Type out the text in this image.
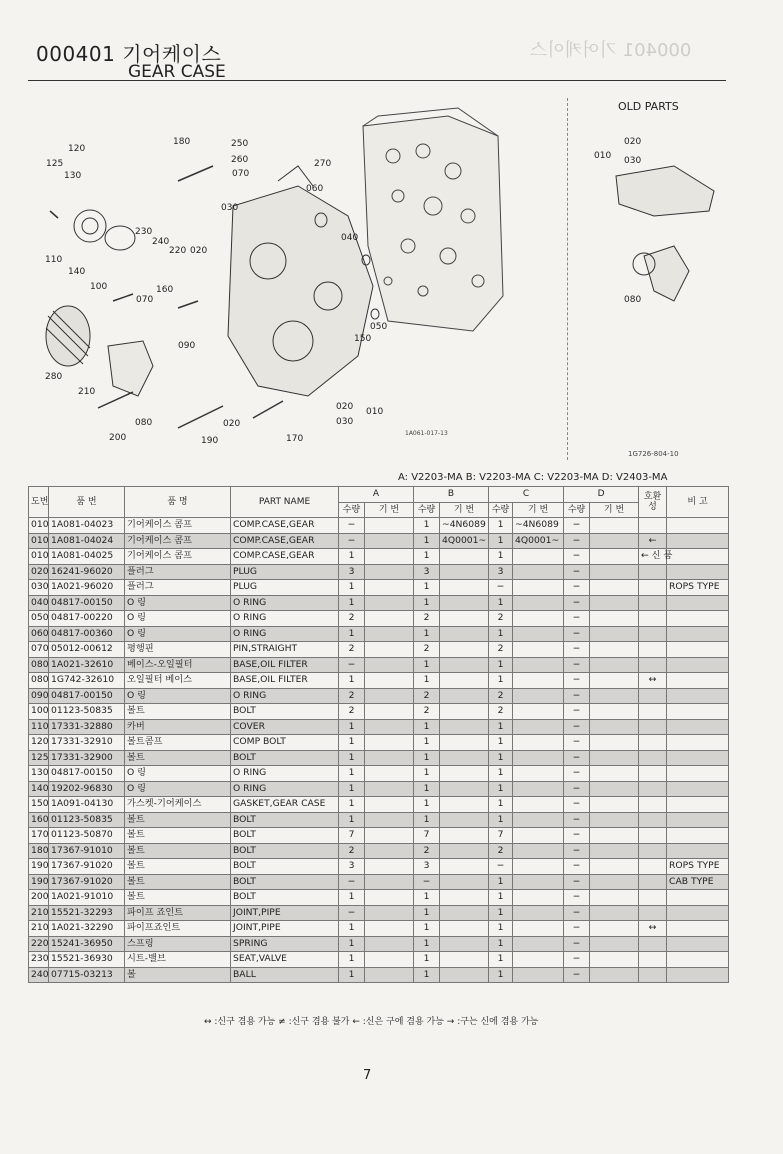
000401 기어케이스
000401 기어케이스
GEAR CASE
120
125
130
180	250
260	270
070
060
030
110
140
230
240
220 020
100
070
160
090
040
050
150
280
210
080
200	190
020
170
020 010
030
1A061-017-13
OLD PARTS
020
010 030
080
1G726-804-10
A: V2203-MA B: V2203-MA C: V2203-MA D: V2403-MA
도번	품 번	품 명	PART NAME	A		B		C		D		호환성	비 고
				수량	기 번	수량	기 번	수량	기 번	수량	기 번		
010	1A081-04023	기어케이스 콤프	COMP.CASE,GEAR	−		1	~4N6089	1	~4N6089	−			
010	1A081-04024	기어케이스 콤프	COMP.CASE,GEAR	−		1	4Q0001~	1	4Q0001~	−		←	
010	1A081-04025	기어케이스 콤프	COMP.CASE,GEAR	1		1		1		−		← 신 품	
020	16241-96020	플러그	PLUG	3		3		3		−			
030	1A021-96020	플러그	PLUG	1		1		−		−			ROPS TYPE
040	04817-00150	O 링	O RING	1		1		1		−			
050	04817-00220	O 링	O RING	2		2		2		−			
060	04817-00360	O 링	O RING	1		1		1		−			
070	05012-00612	평행핀	PIN,STRAIGHT	2		2		2		−			
080	1A021-32610	베이스-오일필터	BASE,OIL FILTER	−		1		1		−			
080	1G742-32610	오일필터 베이스	BASE,OIL FILTER	1		1		1		−		↔	
090	04817-00150	O 링	O RING	2		2		2		−			
100	01123-50835	볼트	BOLT	2		2		2		−			
110	17331-32880	카버	COVER	1		1		1		−			
120	17331-32910	볼트콤프	COMP BOLT	1		1		1		−			
125	17331-32900	볼트	BOLT	1		1		1		−			
130	04817-00150	O 링	O RING	1		1		1		−			
140	19202-96830	O 링	O RING	1		1		1		−			
150	1A091-04130	가스켓-기어케이스	GASKET,GEAR CASE	1		1		1		−			
160	01123-50835	볼트	BOLT	1		1		1		−			
170	01123-50870	볼트	BOLT	7		7		7		−			
180	17367-91010	볼트	BOLT	2		2		2		−			
190	17367-91020	볼트	BOLT	3		3		−		−			ROPS TYPE
190	17367-91020	볼트	BOLT	−		−		1		−			CAB TYPE
200	1A021-91010	볼트	BOLT	1		1		1		−			
210	15521-32293	파이프 죠인트	JOINT,PIPE	−		1		1		−			
210	1A021-32290	파이프죠인트	JOINT,PIPE	1		1		1		−		↔	
220	15241-36950	스프링	SPRING	1		1		1		−			
230	15521-36930	시트-밸브	SEAT,VALVE	1		1		1		−			
240	07715-03213	볼	BALL	1		1		1		−			
↔ :신구 겸용 가능 ≠ :신구 겸용 불가 ← :신은 구에 겸용 가능 → :구는 신에 겸용 가능
7
